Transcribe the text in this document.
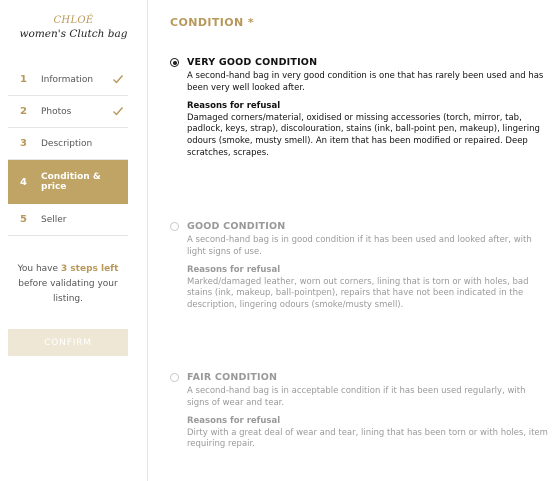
CHLOÉ
women's Clutch bag
1	Information
2	Photos
3	Description
4	Condition & price
5	Seller

You have 3 steps left before validating your listing.

CONFIRM
CONDITION *
VERY GOOD CONDITION
A second-hand bag in very good condition is one that has rarely been used and has been very well looked after.
Reasons for refusal
Damaged corners/material, oxidised or missing accessories (torch, mirror, tab, padlock, keys, strap), discolouration, stains (ink, ball-point pen, makeup), lingering odours (smoke, musty smell). An item that has been modified or repaired. Deep scratches, scrapes.
GOOD CONDITION
A second-hand bag is in good condition if it has been used and looked after, with light signs of use.
Reasons for refusal
Marked/damaged leather, worn out corners, lining that is torn or with holes, bad stains (ink, makeup, ball-pointpen), repairs that have not been indicated in the description, lingering odours (smoke/musty smell).
FAIR CONDITION
A second-hand bag is in acceptable condition if it has been used regularly, with signs of wear and tear.
Reasons for refusal
Dirty with a great deal of wear and tear, lining that has been torn or with holes, item requiring repair.
